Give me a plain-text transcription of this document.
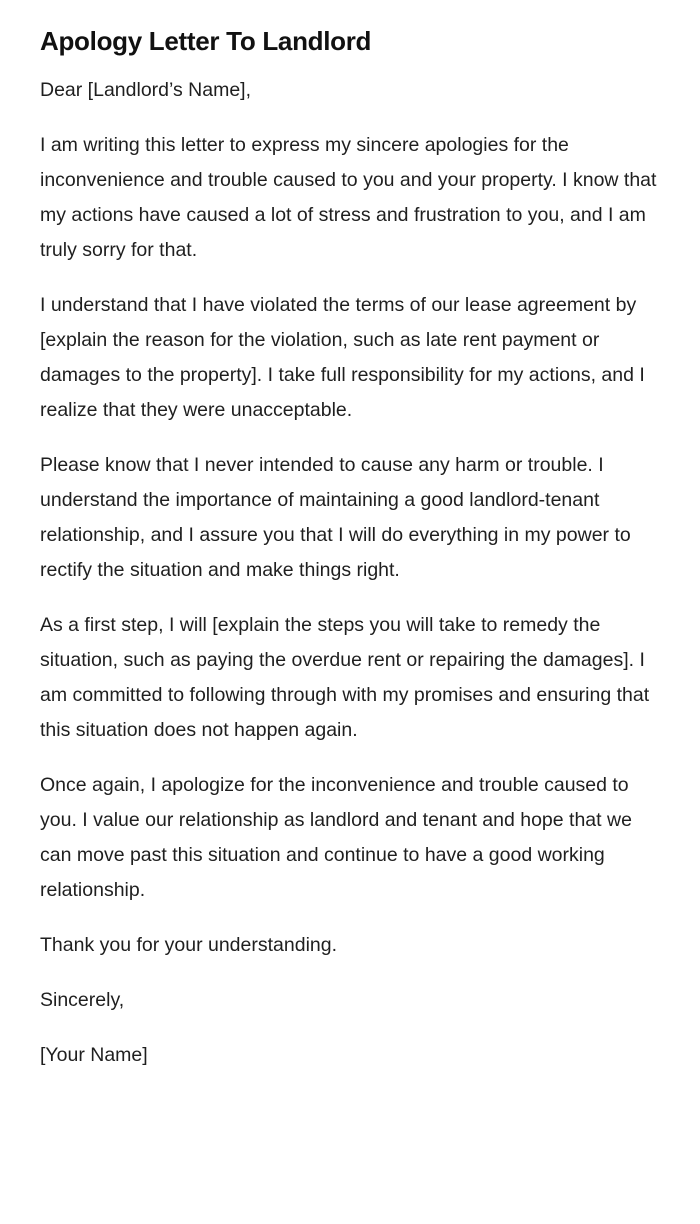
Apology Letter To Landlord

Dear [Landlord’s Name],

I am writing this letter to express my sincere apologies for the inconvenience and trouble caused to you and your property. I know that my actions have caused a lot of stress and frustration to you, and I am truly sorry for that.

I understand that I have violated the terms of our lease agreement by [explain the reason for the violation, such as late rent payment or damages to the property]. I take full responsibility for my actions, and I realize that they were unacceptable.

Please know that I never intended to cause any harm or trouble. I understand the importance of maintaining a good landlord-tenant relationship, and I assure you that I will do everything in my power to rectify the situation and make things right.

As a first step, I will [explain the steps you will take to remedy the situation, such as paying the overdue rent or repairing the damages]. I am committed to following through with my promises and ensuring that this situation does not happen again.

Once again, I apologize for the inconvenience and trouble caused to you. I value our relationship as landlord and tenant and hope that we can move past this situation and continue to have a good working relationship.

Thank you for your understanding.

Sincerely,

[Your Name]
